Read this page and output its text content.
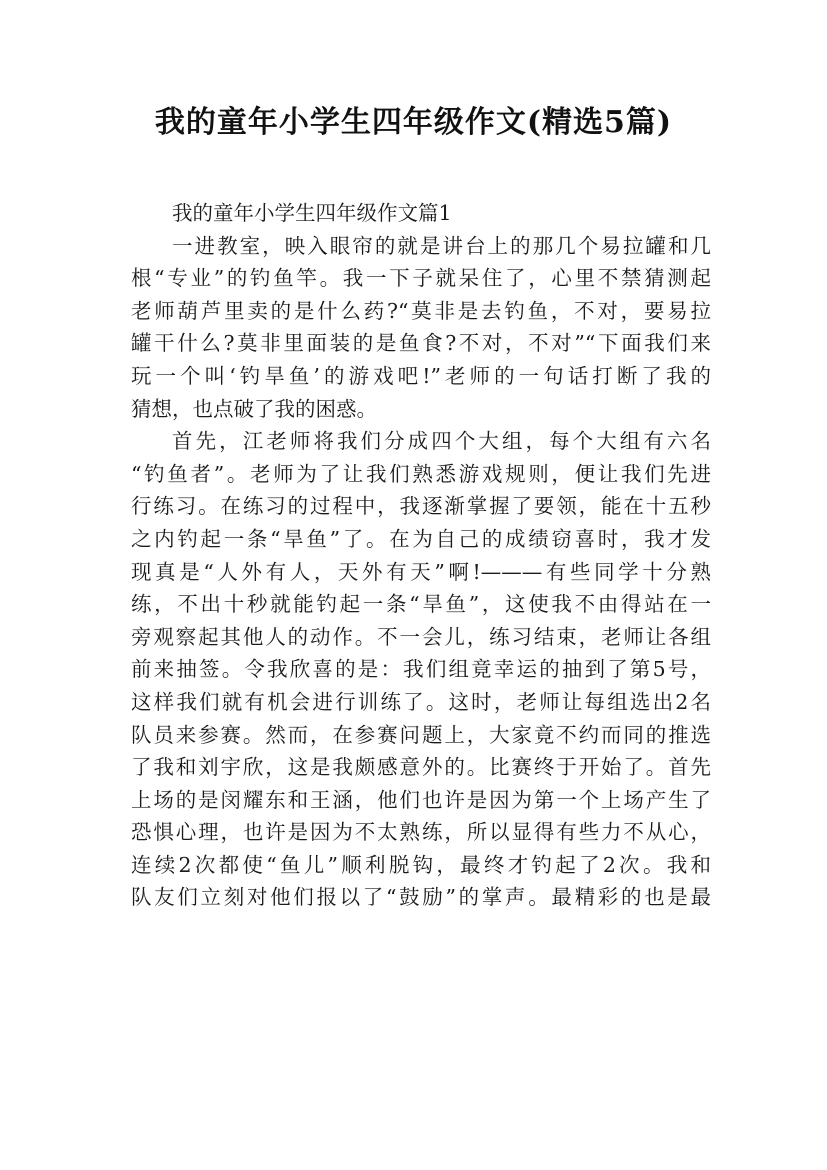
我的童年小学生四年级作文(精选5篇)

我的童年小学生四年级作文篇1

一进教室，映入眼帘的就是讲台上的那几个易拉罐和几
根“专业”的钓鱼竿。我一下子就呆住了，心里不禁猜测起
老师葫芦里卖的是什么药?“莫非是去钓鱼，不对，要易拉
罐干什么?莫非里面装的是鱼食?不对，不对”“下面我们来
玩一个叫‘钓旱鱼’的游戏吧!”老师的一句话打断了我的
猜想，也点破了我的困惑。
首先，江老师将我们分成四个大组，每个大组有六名
“钓鱼者”。老师为了让我们熟悉游戏规则，便让我们先进
行练习。在练习的过程中，我逐渐掌握了要领，能在十五秒
之内钓起一条“旱鱼”了。在为自己的成绩窃喜时，我才发
现真是“人外有人，天外有天”啊!———有些同学十分熟
练，不出十秒就能钓起一条“旱鱼”，这使我不由得站在一
旁观察起其他人的动作。不一会儿，练习结束，老师让各组
前来抽签。令我欣喜的是：我们组竟幸运的抽到了第5号，
这样我们就有机会进行训练了。这时，老师让每组选出2名
队员来参赛。然而，在参赛问题上，大家竟不约而同的推选
了我和刘宇欣，这是我颇感意外的。比赛终于开始了。首先
上场的是闵耀东和王涵，他们也许是因为第一个上场产生了
恐惧心理，也许是因为不太熟练，所以显得有些力不从心，
连续2次都使“鱼儿”顺利脱钩，最终才钓起了2次。我和
队友们立刻对他们报以了“鼓励”的掌声。最精彩的也是最
